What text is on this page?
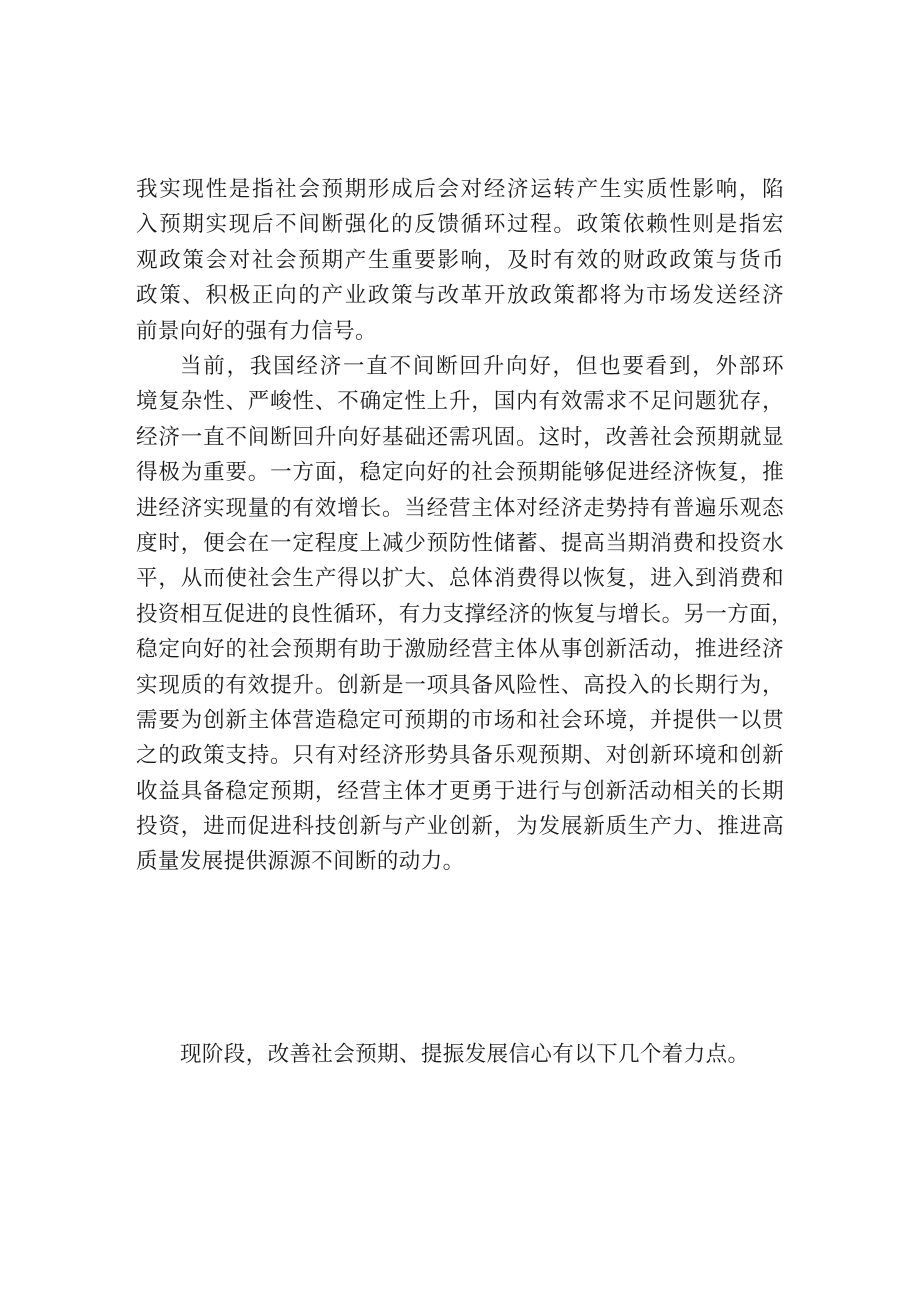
我实现性是指社会预期形成后会对经济运转产生实质性影响，陷
入预期实现后不间断强化的反馈循环过程。政策依赖性则是指宏
观政策会对社会预期产生重要影响，及时有效的财政政策与货币
政策、积极正向的产业政策与改革开放政策都将为市场发送经济
前景向好的强有力信号。
当前，我国经济一直不间断回升向好，但也要看到，外部环
境复杂性、严峻性、不确定性上升，国内有效需求不足问题犹存，
经济一直不间断回升向好基础还需巩固。这时，改善社会预期就显
得极为重要。一方面，稳定向好的社会预期能够促进经济恢复，推
进经济实现量的有效增长。当经营主体对经济走势持有普遍乐观态
度时，便会在一定程度上减少预防性储蓄、提高当期消费和投资水
平，从而使社会生产得以扩大、总体消费得以恢复，进入到消费和
投资相互促进的良性循环，有力支撑经济的恢复与增长。另一方面，
稳定向好的社会预期有助于激励经营主体从事创新活动，推进经济
实现质的有效提升。创新是一项具备风险性、高投入的长期行为，
需要为创新主体营造稳定可预期的市场和社会环境，并提供一以贯
之的政策支持。只有对经济形势具备乐观预期、对创新环境和创新
收益具备稳定预期，经营主体才更勇于进行与创新活动相关的长期
投资，进而促进科技创新与产业创新，为发展新质生产力、推进高
质量发展提供源源不间断的动力。
现阶段，改善社会预期、提振发展信心有以下几个着力点。
